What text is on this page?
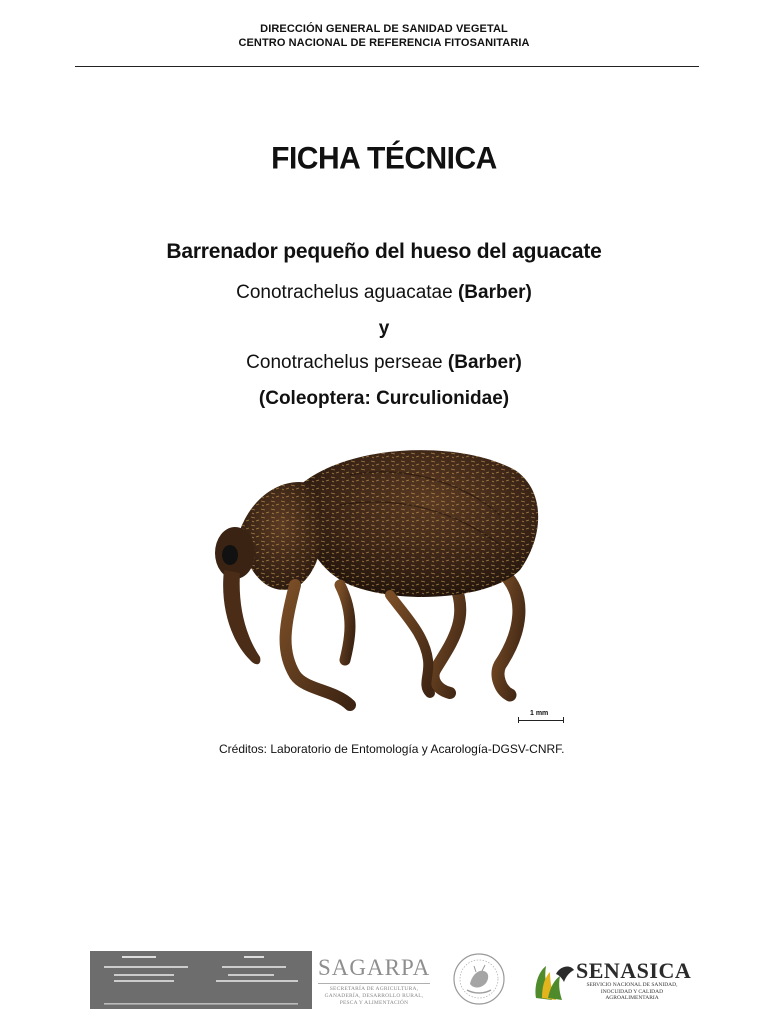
DIRECCIÓN GENERAL DE SANIDAD VEGETAL
CENTRO NACIONAL DE REFERENCIA FITOSANITARIA
FICHA TÉCNICA
Barrenador pequeño del hueso del aguacate
Conotrachelus aguacatae (Barber)
y
Conotrachelus perseae (Barber)
(Coleoptera: Curculionidae)
1 mm
Créditos: Laboratorio de Entomología y Acarología-DGSV-CNRF.
SAGARPA
SECRETARÍA DE AGRICULTURA,
GANADERÍA, DESARROLLO RURAL,
PESCA Y ALIMENTACIÓN
SENASICA
SERVICIO NACIONAL DE SANIDAD,
INOCUIDAD Y CALIDAD
AGROALIMENTARIA
